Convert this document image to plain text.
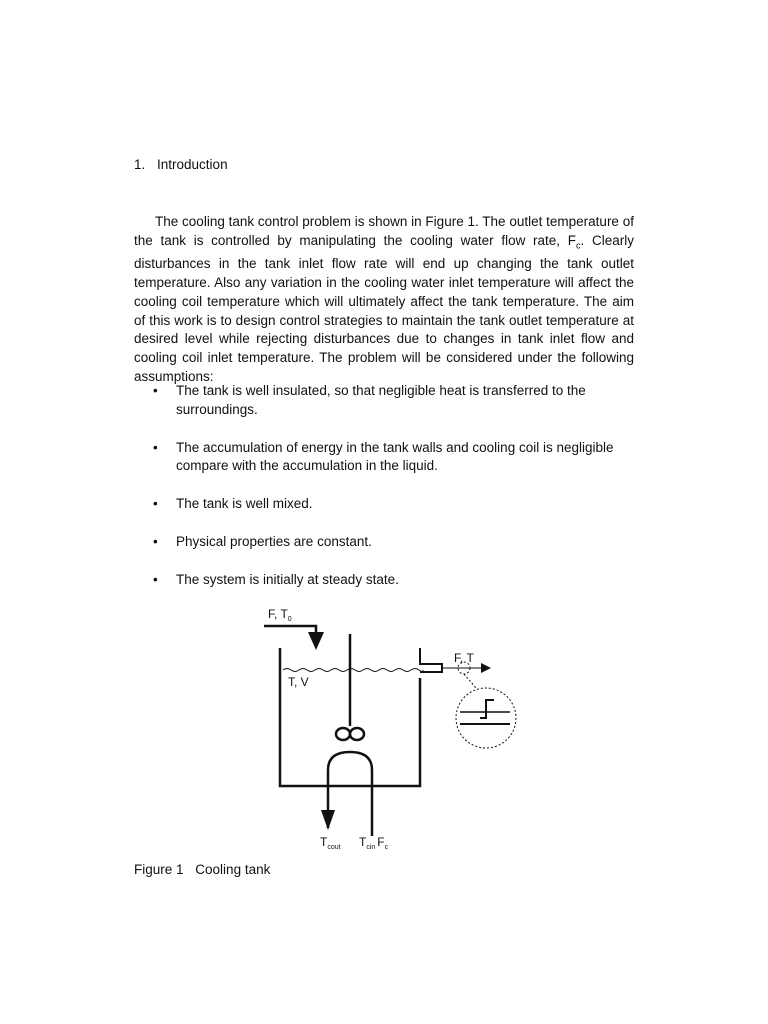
1. Introduction
The cooling tank control problem is shown in Figure 1. The outlet temperature of the tank is controlled by manipulating the cooling water flow rate, $F_c$. Clearly disturbances in the tank inlet flow rate will end up changing the tank outlet temperature. Also any variation in the cooling water inlet temperature will affect the cooling coil temperature which will ultimately affect the tank temperature. The aim of this work is to design control strategies to maintain the tank outlet temperature at desired level while rejecting disturbances due to changes in tank inlet flow and cooling coil inlet temperature. The problem will be considered under the following assumptions:
• The tank is well insulated, so that negligible heat is transferred to the surroundings.
• The accumulation of energy in the tank walls and cooling coil is negligible compare with the accumulation in the liquid.
• The tank is well mixed.
• Physical properties are constant.
• The system is initially at steady state.
F, $T_0$
T, V
F, T
$T_{cout}$ $T_{cin}$ $F_c$
Figure 1 Cooling tank
